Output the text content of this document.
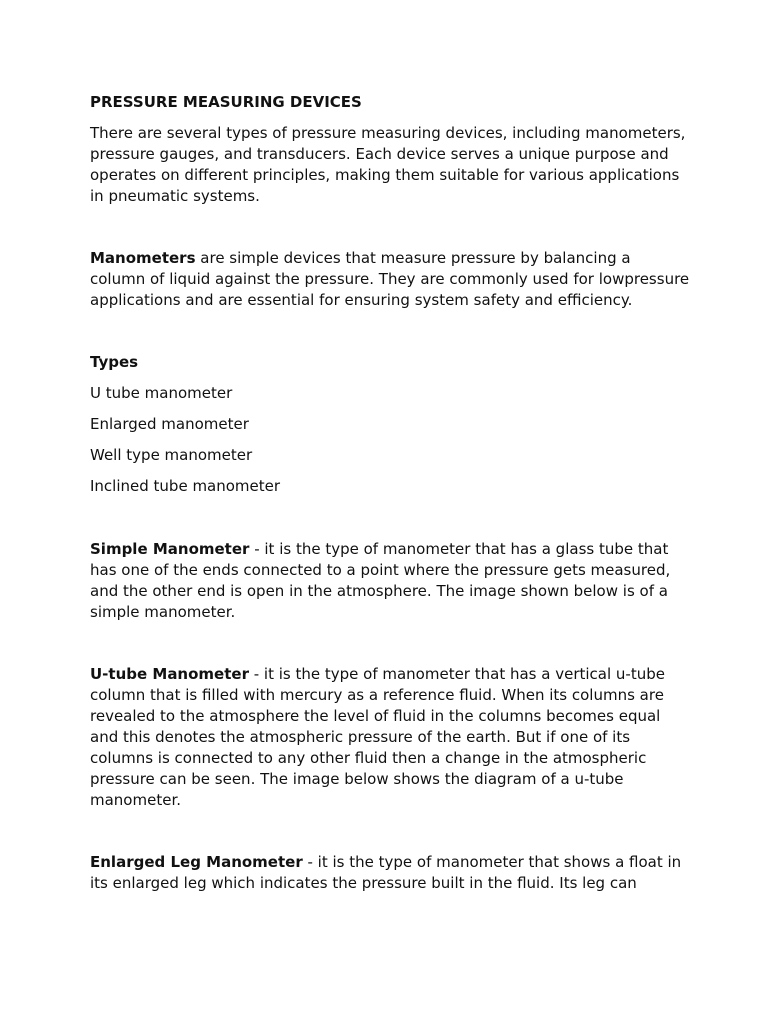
PRESSURE MEASURING DEVICES

There are several types of pressure measuring devices, including manometers, pressure gauges, and transducers. Each device serves a unique purpose and operates on different principles, making them suitable for various applications in pneumatic systems.

Manometers are simple devices that measure pressure by balancing a column of liquid against the pressure. They are commonly used for lowpressure applications and are essential for ensuring system safety and efficiency.

Types

U tube manometer

Enlarged manometer

Well type manometer

Inclined tube manometer

Simple Manometer - it is the type of manometer that has a glass tube that has one of the ends connected to a point where the pressure gets measured, and the other end is open in the atmosphere. The image shown below is of a simple manometer.

U-tube Manometer - it is the type of manometer that has a vertical u-tube column that is filled with mercury as a reference fluid. When its columns are revealed to the atmosphere the level of fluid in the columns becomes equal and this denotes the atmospheric pressure of the earth. But if one of its columns is connected to any other fluid then a change in the atmospheric pressure can be seen. The image below shows the diagram of a u-tube manometer.

Enlarged Leg Manometer - it is the type of manometer that shows a float in its enlarged leg which indicates the pressure built in the fluid. Its leg can
